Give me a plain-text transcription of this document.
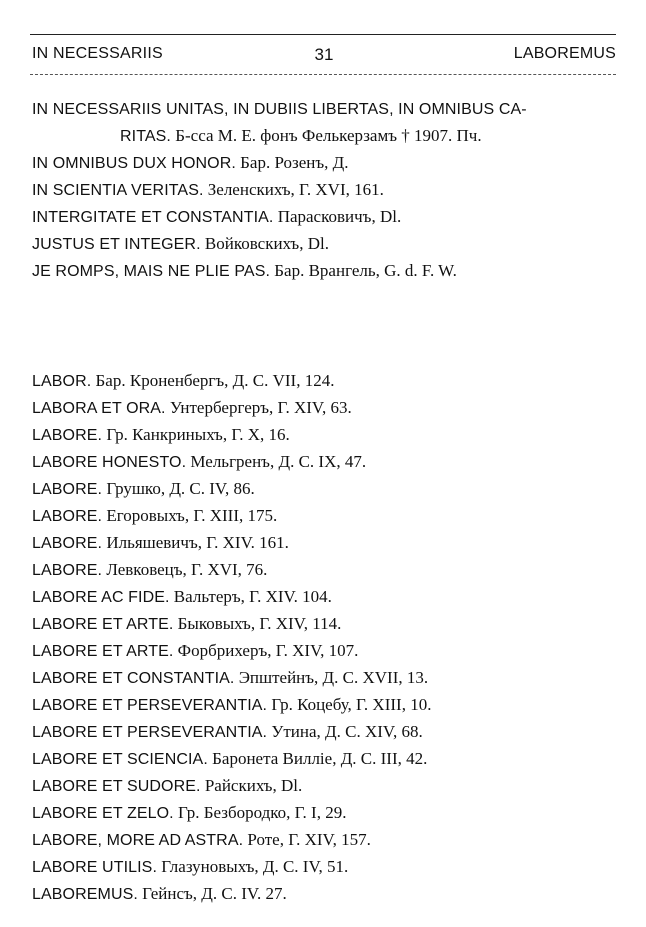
IN NECESSARIIS	31	LABOREMUS
IN NECESSARIIS UNITAS, IN DUBIIS LIBERTAS, IN OMNIBUS CA-
RITAS. Б-сса М. Е. фонъ Фелькерзамъ † 1907. Пч.
IN OMNIBUS DUX HONOR. Бар. Розенъ, Д.
IN SCIENTIA VERITAS. Зеленскихъ, Г. XVI, 161.
INTERGITATE ET CONSTANTIA. Парасковичъ, Dl.
JUSTUS ET INTEGER. Войковскихъ, Dl.
JE ROMPS, MAIS NE PLIE PAS. Бар. Врангель, G. d. F. W.
LABOR. Бар. Кроненбергъ, Д. С. VII, 124.
LABORA ET ORA. Унтербергеръ, Г. XIV, 63.
LABORE. Гр. Канкриныхъ, Г. X, 16.
LABORE HONESTO. Мельгренъ, Д. С. IX, 47.
LABORE. Грушко, Д. С. IV, 86.
LABORE. Егоровыхъ, Г. XIII, 175.
LABORE. Ильяшевичъ, Г. XIV. 161.
LABORE. Левковецъ, Г. XVI, 76.
LABORE AC FIDE. Вальтеръ, Г. XIV. 104.
LABORE ET ARTE. Быковыхъ, Г. XIV, 114.
LABORE ET ARTE. Форбрихеръ, Г. XIV, 107.
LABORE ET CONSTANTIA. Эпштейнъ, Д. С. XVII, 13.
LABORE ET PERSEVERANTIA. Гр. Коцебу, Г. XIII, 10.
LABORE ET PERSEVERANTIA. Утина, Д. С. XIV, 68.
LABORE ET SCIENCIA. Баронета Виллiе, Д. С. III, 42.
LABORE ET SUDORE. Райскихъ, Dl.
LABORE ET ZELO. Гр. Безбородко, Г. I, 29.
LABORE, MORE AD ASTRA. Роте, Г. XIV, 157.
LABORE UTILIS. Глазуновыхъ, Д. С. IV, 51.
LABOREMUS. Гейнсъ, Д. С. IV. 27.
